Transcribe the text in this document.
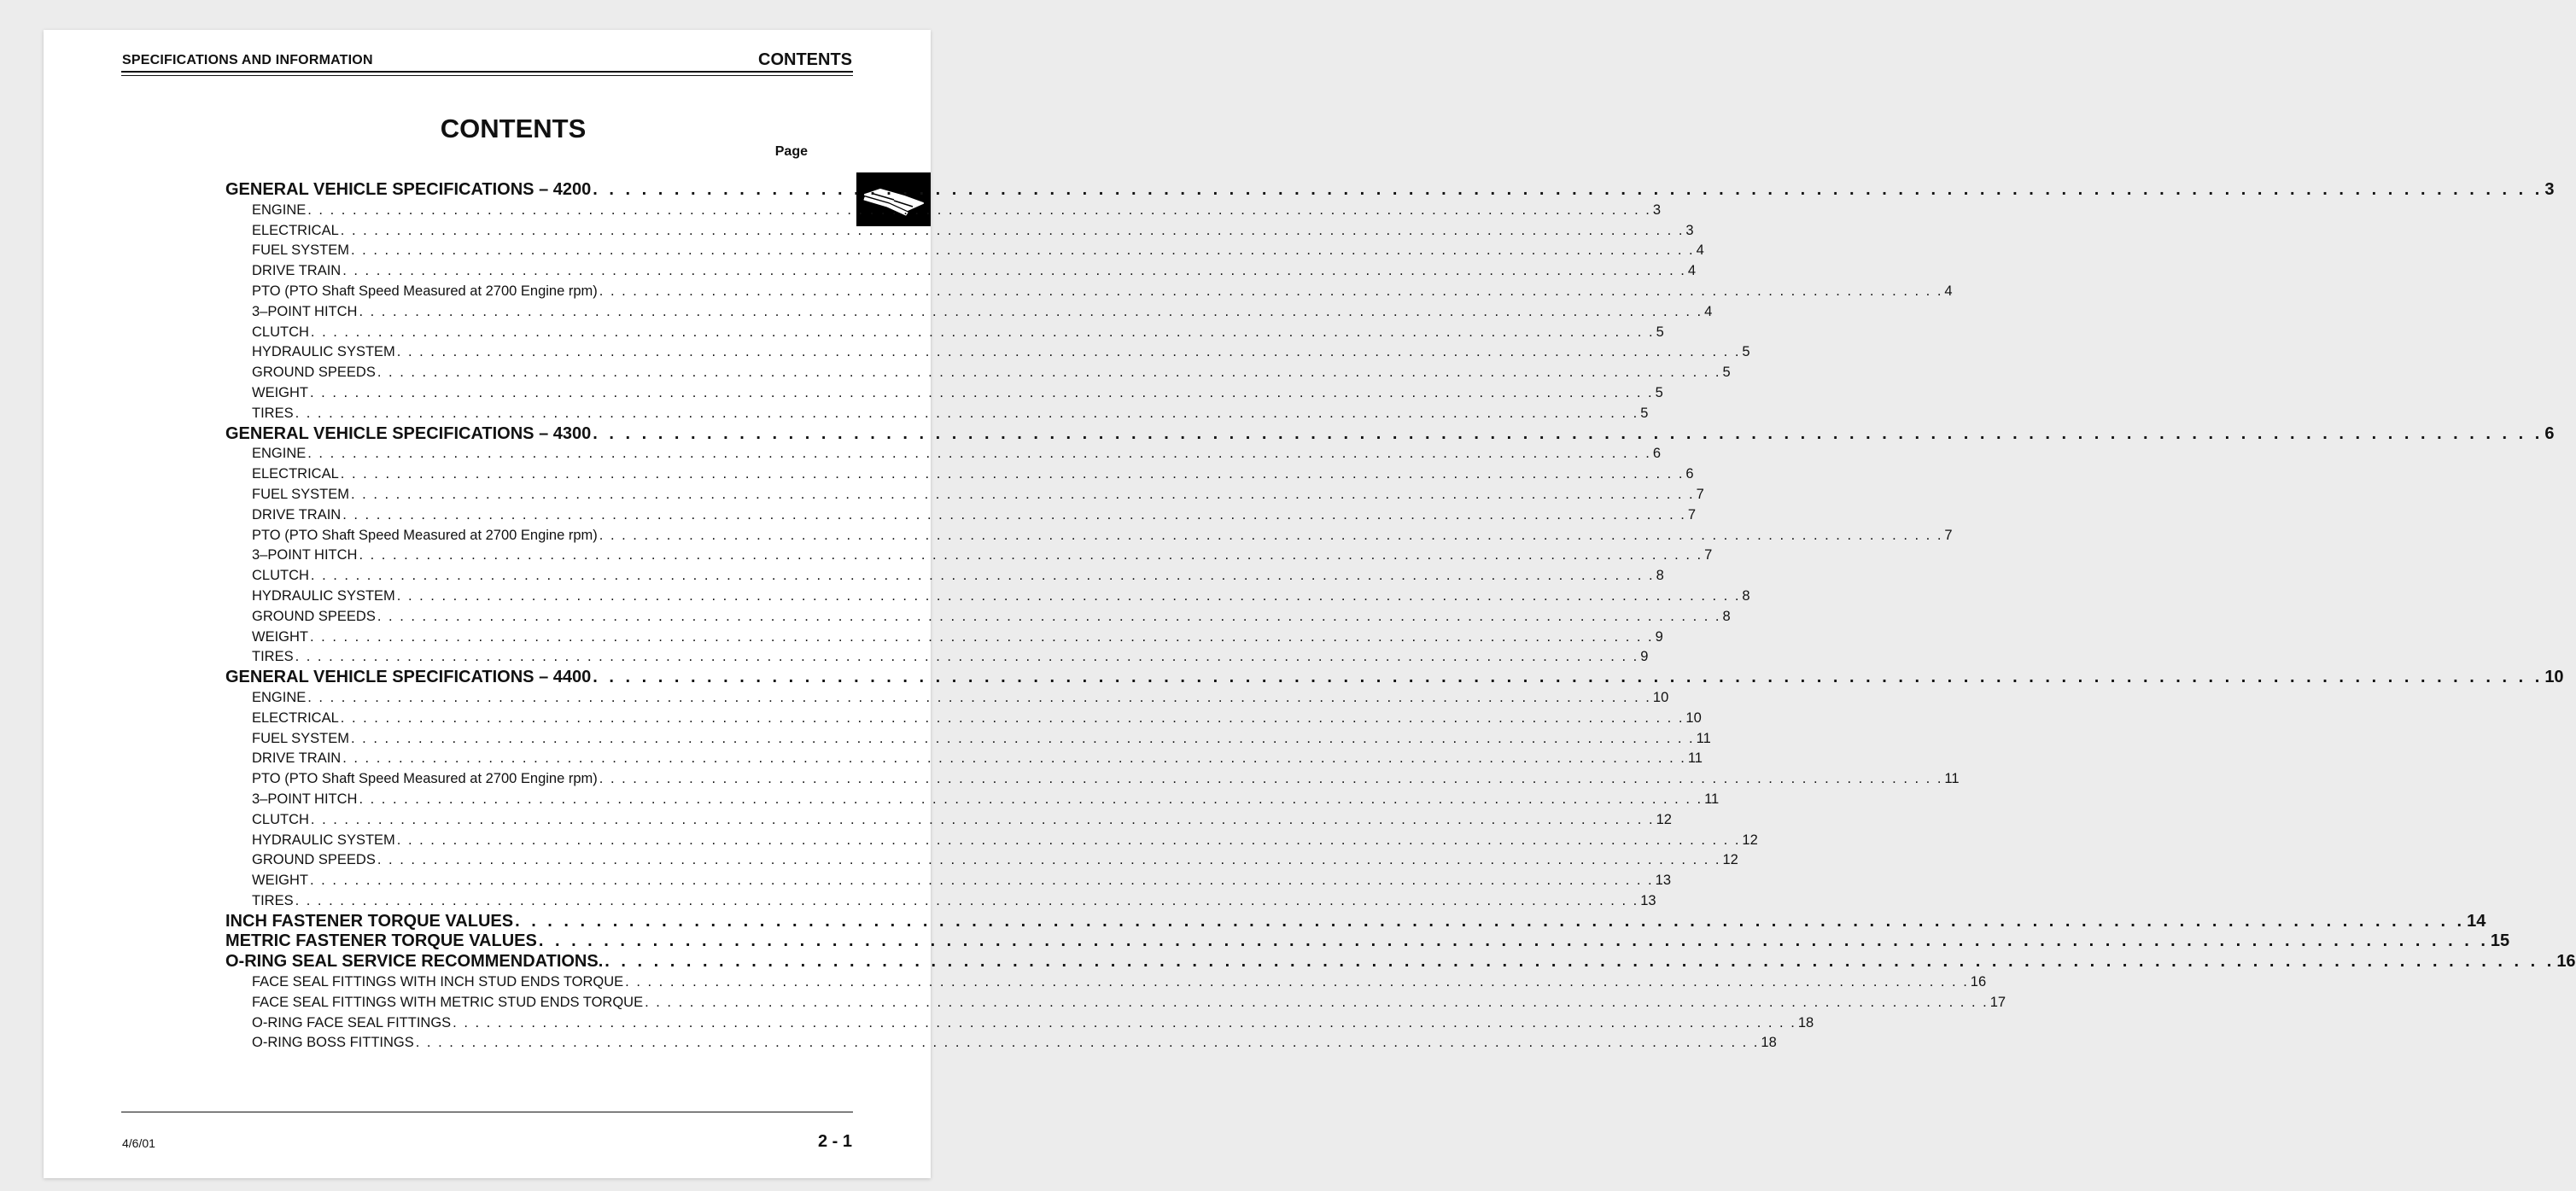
SPECIFICATIONS AND INFORMATION	CONTENTS
CONTENTS
Page
GENERAL VEHICLE SPECIFICATIONS – 4200 . . . . . . . . . . . . . . . . . . . . . . . . . . . . . . . . . . . . . . . . . . . . . . . . . . . . . . . . . . . . . . . . . . . . . . . . . . . . . . . . . . . . . . . . . . . . . . . . . . . . . . . . . . . . . . . . . . . . . . . . 3
ENGINE . . . . . . . . . . . . . . . . . . . . . . . . . . . . . . . . . . . . . . . . . . . . . . . . . . . . . . . . . . . . . . . . . . . . . . . . . . . . . . . . . . . . . . . . . . . . . . . . . . . . . . . . . . . . . . . . . . . . . . . . 3
ELECTRICAL . . . . . . . . . . . . . . . . . . . . . . . . . . . . . . . . . . . . . . . . . . . . . . . . . . . . . . . . . . . . . . . . . . . . . . . . . . . . . . . . . . . . . . . . . . . . . . . . . . . . . . . . . . . . . . . . . . . . . . . . 3
FUEL SYSTEM . . . . . . . . . . . . . . . . . . . . . . . . . . . . . . . . . . . . . . . . . . . . . . . . . . . . . . . . . . . . . . . . . . . . . . . . . . . . . . . . . . . . . . . . . . . . . . . . . . . . . . . . . . . . . . . . . . . . . . . . 4
DRIVE TRAIN . . . . . . . . . . . . . . . . . . . . . . . . . . . . . . . . . . . . . . . . . . . . . . . . . . . . . . . . . . . . . . . . . . . . . . . . . . . . . . . . . . . . . . . . . . . . . . . . . . . . . . . . . . . . . . . . . . . . . . . . 4
PTO (PTO Shaft Speed Measured at 2700 Engine rpm) . . . . . . . . . . . . . . . . . . . . . . . . . . . . . . . . . . . . . . . . . . . . . . . . . . . . . . . . . . . . . . . . . . . . . . . . . . . . . . . . . . . . . . . . . . . . . . . . . . . . . . . . . . . . . . . . . . . . . . . . 4
3–POINT HITCH . . . . . . . . . . . . . . . . . . . . . . . . . . . . . . . . . . . . . . . . . . . . . . . . . . . . . . . . . . . . . . . . . . . . . . . . . . . . . . . . . . . . . . . . . . . . . . . . . . . . . . . . . . . . . . . . . . . . . . . . 4
CLUTCH . . . . . . . . . . . . . . . . . . . . . . . . . . . . . . . . . . . . . . . . . . . . . . . . . . . . . . . . . . . . . . . . . . . . . . . . . . . . . . . . . . . . . . . . . . . . . . . . . . . . . . . . . . . . . . . . . . . . . . . . 5
HYDRAULIC SYSTEM . . . . . . . . . . . . . . . . . . . . . . . . . . . . . . . . . . . . . . . . . . . . . . . . . . . . . . . . . . . . . . . . . . . . . . . . . . . . . . . . . . . . . . . . . . . . . . . . . . . . . . . . . . . . . . . . . . . . . . . . 5
GROUND SPEEDS . . . . . . . . . . . . . . . . . . . . . . . . . . . . . . . . . . . . . . . . . . . . . . . . . . . . . . . . . . . . . . . . . . . . . . . . . . . . . . . . . . . . . . . . . . . . . . . . . . . . . . . . . . . . . . . . . . . . . . . . 5
WEIGHT . . . . . . . . . . . . . . . . . . . . . . . . . . . . . . . . . . . . . . . . . . . . . . . . . . . . . . . . . . . . . . . . . . . . . . . . . . . . . . . . . . . . . . . . . . . . . . . . . . . . . . . . . . . . . . . . . . . . . . . . 5
TIRES . . . . . . . . . . . . . . . . . . . . . . . . . . . . . . . . . . . . . . . . . . . . . . . . . . . . . . . . . . . . . . . . . . . . . . . . . . . . . . . . . . . . . . . . . . . . . . . . . . . . . . . . . . . . . . . . . . . . . . . . 5
GENERAL VEHICLE SPECIFICATIONS – 4300 . . . . . . . . . . . . . . . . . . . . . . . . . . . . . . . . . . . . . . . . . . . . . . . . . . . . . . . . . . . . . . . . . . . . . . . . . . . . . . . . . . . . . . . . . . . . . . . . . . . . . . . . . . . . . . . . . . . . . . . . 6
ENGINE . . . . . . . . . . . . . . . . . . . . . . . . . . . . . . . . . . . . . . . . . . . . . . . . . . . . . . . . . . . . . . . . . . . . . . . . . . . . . . . . . . . . . . . . . . . . . . . . . . . . . . . . . . . . . . . . . . . . . . . . 6
ELECTRICAL . . . . . . . . . . . . . . . . . . . . . . . . . . . . . . . . . . . . . . . . . . . . . . . . . . . . . . . . . . . . . . . . . . . . . . . . . . . . . . . . . . . . . . . . . . . . . . . . . . . . . . . . . . . . . . . . . . . . . . . . 6
FUEL SYSTEM . . . . . . . . . . . . . . . . . . . . . . . . . . . . . . . . . . . . . . . . . . . . . . . . . . . . . . . . . . . . . . . . . . . . . . . . . . . . . . . . . . . . . . . . . . . . . . . . . . . . . . . . . . . . . . . . . . . . . . . . 7
DRIVE TRAIN . . . . . . . . . . . . . . . . . . . . . . . . . . . . . . . . . . . . . . . . . . . . . . . . . . . . . . . . . . . . . . . . . . . . . . . . . . . . . . . . . . . . . . . . . . . . . . . . . . . . . . . . . . . . . . . . . . . . . . . . 7
PTO (PTO Shaft Speed Measured at 2700 Engine rpm) . . . . . . . . . . . . . . . . . . . . . . . . . . . . . . . . . . . . . . . . . . . . . . . . . . . . . . . . . . . . . . . . . . . . . . . . . . . . . . . . . . . . . . . . . . . . . . . . . . . . . . . . . . . . . . . . . . . . . . . . 7
3–POINT HITCH . . . . . . . . . . . . . . . . . . . . . . . . . . . . . . . . . . . . . . . . . . . . . . . . . . . . . . . . . . . . . . . . . . . . . . . . . . . . . . . . . . . . . . . . . . . . . . . . . . . . . . . . . . . . . . . . . . . . . . . . 7
CLUTCH . . . . . . . . . . . . . . . . . . . . . . . . . . . . . . . . . . . . . . . . . . . . . . . . . . . . . . . . . . . . . . . . . . . . . . . . . . . . . . . . . . . . . . . . . . . . . . . . . . . . . . . . . . . . . . . . . . . . . . . . 8
HYDRAULIC SYSTEM . . . . . . . . . . . . . . . . . . . . . . . . . . . . . . . . . . . . . . . . . . . . . . . . . . . . . . . . . . . . . . . . . . . . . . . . . . . . . . . . . . . . . . . . . . . . . . . . . . . . . . . . . . . . . . . . . . . . . . . . 8
GROUND SPEEDS . . . . . . . . . . . . . . . . . . . . . . . . . . . . . . . . . . . . . . . . . . . . . . . . . . . . . . . . . . . . . . . . . . . . . . . . . . . . . . . . . . . . . . . . . . . . . . . . . . . . . . . . . . . . . . . . . . . . . . . . 8
WEIGHT . . . . . . . . . . . . . . . . . . . . . . . . . . . . . . . . . . . . . . . . . . . . . . . . . . . . . . . . . . . . . . . . . . . . . . . . . . . . . . . . . . . . . . . . . . . . . . . . . . . . . . . . . . . . . . . . . . . . . . . . 9
TIRES . . . . . . . . . . . . . . . . . . . . . . . . . . . . . . . . . . . . . . . . . . . . . . . . . . . . . . . . . . . . . . . . . . . . . . . . . . . . . . . . . . . . . . . . . . . . . . . . . . . . . . . . . . . . . . . . . . . . . . . . 9
GENERAL VEHICLE SPECIFICATIONS – 4400 . . . . . . . . . . . . . . . . . . . . . . . . . . . . . . . . . . . . . . . . . . . . . . . . . . . . . . . . . . . . . . . . . . . . . . . . . . . . . . . . . . . . . . . . . . . . . . . . . . . . . . . . . . . . . . . . . . . . . . . . 10
ENGINE . . . . . . . . . . . . . . . . . . . . . . . . . . . . . . . . . . . . . . . . . . . . . . . . . . . . . . . . . . . . . . . . . . . . . . . . . . . . . . . . . . . . . . . . . . . . . . . . . . . . . . . . . . . . . . . . . . . . . . . . 10
ELECTRICAL . . . . . . . . . . . . . . . . . . . . . . . . . . . . . . . . . . . . . . . . . . . . . . . . . . . . . . . . . . . . . . . . . . . . . . . . . . . . . . . . . . . . . . . . . . . . . . . . . . . . . . . . . . . . . . . . . . . . . . . . 10
FUEL SYSTEM . . . . . . . . . . . . . . . . . . . . . . . . . . . . . . . . . . . . . . . . . . . . . . . . . . . . . . . . . . . . . . . . . . . . . . . . . . . . . . . . . . . . . . . . . . . . . . . . . . . . . . . . . . . . . . . . . . . . . . . . 11
DRIVE TRAIN . . . . . . . . . . . . . . . . . . . . . . . . . . . . . . . . . . . . . . . . . . . . . . . . . . . . . . . . . . . . . . . . . . . . . . . . . . . . . . . . . . . . . . . . . . . . . . . . . . . . . . . . . . . . . . . . . . . . . . . . 11
PTO (PTO Shaft Speed Measured at 2700 Engine rpm) . . . . . . . . . . . . . . . . . . . . . . . . . . . . . . . . . . . . . . . . . . . . . . . . . . . . . . . . . . . . . . . . . . . . . . . . . . . . . . . . . . . . . . . . . . . . . . . . . . . . . . . . . . . . . . . . . . . . . . . . 11
3–POINT HITCH . . . . . . . . . . . . . . . . . . . . . . . . . . . . . . . . . . . . . . . . . . . . . . . . . . . . . . . . . . . . . . . . . . . . . . . . . . . . . . . . . . . . . . . . . . . . . . . . . . . . . . . . . . . . . . . . . . . . . . . . 11
CLUTCH . . . . . . . . . . . . . . . . . . . . . . . . . . . . . . . . . . . . . . . . . . . . . . . . . . . . . . . . . . . . . . . . . . . . . . . . . . . . . . . . . . . . . . . . . . . . . . . . . . . . . . . . . . . . . . . . . . . . . . . . 12
HYDRAULIC SYSTEM . . . . . . . . . . . . . . . . . . . . . . . . . . . . . . . . . . . . . . . . . . . . . . . . . . . . . . . . . . . . . . . . . . . . . . . . . . . . . . . . . . . . . . . . . . . . . . . . . . . . . . . . . . . . . . . . . . . . . . . . 12
GROUND SPEEDS . . . . . . . . . . . . . . . . . . . . . . . . . . . . . . . . . . . . . . . . . . . . . . . . . . . . . . . . . . . . . . . . . . . . . . . . . . . . . . . . . . . . . . . . . . . . . . . . . . . . . . . . . . . . . . . . . . . . . . . . 12
WEIGHT . . . . . . . . . . . . . . . . . . . . . . . . . . . . . . . . . . . . . . . . . . . . . . . . . . . . . . . . . . . . . . . . . . . . . . . . . . . . . . . . . . . . . . . . . . . . . . . . . . . . . . . . . . . . . . . . . . . . . . . . 13
TIRES . . . . . . . . . . . . . . . . . . . . . . . . . . . . . . . . . . . . . . . . . . . . . . . . . . . . . . . . . . . . . . . . . . . . . . . . . . . . . . . . . . . . . . . . . . . . . . . . . . . . . . . . . . . . . . . . . . . . . . . . 13
INCH FASTENER TORQUE VALUES . . . . . . . . . . . . . . . . . . . . . . . . . . . . . . . . . . . . . . . . . . . . . . . . . . . . . . . . . . . . . . . . . . . . . . . . . . . . . . . . . . . . . . . . . . . . . . . . . . . . . . . . . . . . . . . . . . . . . . . . 14
METRIC FASTENER TORQUE VALUES . . . . . . . . . . . . . . . . . . . . . . . . . . . . . . . . . . . . . . . . . . . . . . . . . . . . . . . . . . . . . . . . . . . . . . . . . . . . . . . . . . . . . . . . . . . . . . . . . . . . . . . . . . . . . . . . . . . . . . . . 15
O-RING SEAL SERVICE RECOMMENDATIONS. . . . . . . . . . . . . . . . . . . . . . . . . . . . . . . . . . . . . . . . . . . . . . . . . . . . . . . . . . . . . . . . . . . . . . . . . . . . . . . . . . . . . . . . . . . . . . . . . . . . . . . . . . . . . . . . . . . . . . . . . 16
FACE SEAL FITTINGS WITH INCH STUD ENDS TORQUE . . . . . . . . . . . . . . . . . . . . . . . . . . . . . . . . . . . . . . . . . . . . . . . . . . . . . . . . . . . . . . . . . . . . . . . . . . . . . . . . . . . . . . . . . . . . . . . . . . . . . . . . . . . . . . . . . . . . . . . . 16
FACE SEAL FITTINGS WITH METRIC STUD ENDS TORQUE . . . . . . . . . . . . . . . . . . . . . . . . . . . . . . . . . . . . . . . . . . . . . . . . . . . . . . . . . . . . . . . . . . . . . . . . . . . . . . . . . . . . . . . . . . . . . . . . . . . . . . . . . . . . . . . . . . . . . . . . 17
O-RING FACE SEAL FITTINGS . . . . . . . . . . . . . . . . . . . . . . . . . . . . . . . . . . . . . . . . . . . . . . . . . . . . . . . . . . . . . . . . . . . . . . . . . . . . . . . . . . . . . . . . . . . . . . . . . . . . . . . . . . . . . . . . . . . . . . . . 18
O-RING BOSS FITTINGS . . . . . . . . . . . . . . . . . . . . . . . . . . . . . . . . . . . . . . . . . . . . . . . . . . . . . . . . . . . . . . . . . . . . . . . . . . . . . . . . . . . . . . . . . . . . . . . . . . . . . . . . . . . . . . . . . . . . . . . . 18
4/6/01	2 - 1
